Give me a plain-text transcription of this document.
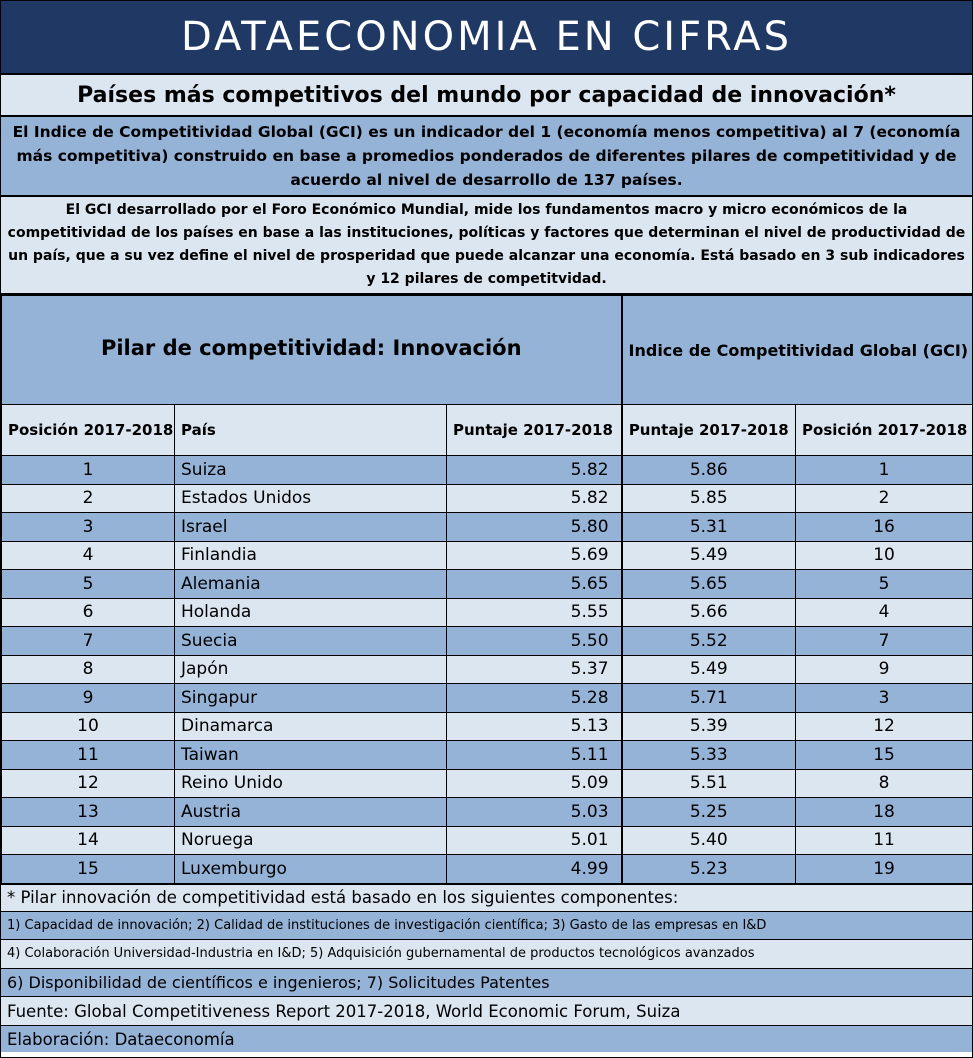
DATAECONOMIA EN CIFRAS
Países más competitivos del mundo por capacidad de innovación*
El Indice de Competitividad Global (GCI) es un indicador del 1 (economía menos competitiva) al 7 (economía más competitiva) construido en base a promedios ponderados de diferentes pilares de competitividad y de acuerdo al nivel de desarrollo de 137 países.
El GCI desarrollado por el Foro Económico Mundial, mide los fundamentos macro y micro económicos de la competitividad de los países en base a las instituciones, políticas y factores que determinan el nivel de productividad de un país, que a su vez define el nivel de prosperidad que puede alcanzar una economía. Está basado en 3 sub indicadores y 12 pilares de competitvidad.
Pilar de competitividad: Innovación			Indice de Competitividad Global (GCI)	
Posición 2017-2018	País	Puntaje 2017-2018	Puntaje 2017-2018	Posición 2017-2018
1	Suiza	5.82	5.86	1
2	Estados Unidos	5.82	5.85	2
3	Israel	5.80	5.31	16
4	Finlandia	5.69	5.49	10
5	Alemania	5.65	5.65	5
6	Holanda	5.55	5.66	4
7	Suecia	5.50	5.52	7
8	Japón	5.37	5.49	9
9	Singapur	5.28	5.71	3
10	Dinamarca	5.13	5.39	12
11	Taiwan	5.11	5.33	15
12	Reino Unido	5.09	5.51	8
13	Austria	5.03	5.25	18
14	Noruega	5.01	5.40	11
15	Luxemburgo	4.99	5.23	19
* Pilar innovación de competitividad está basado en los siguientes componentes:
1) Capacidad de innovación; 2) Calidad de instituciones de investigación científica; 3) Gasto de las empresas en I&D
4) Colaboración Universidad-Industria en I&D; 5) Adquisición gubernamental de productos tecnológicos avanzados
6) Disponibilidad de científicos e ingenieros; 7) Solicitudes Patentes
Fuente: Global Competitiveness Report 2017-2018, World Economic Forum, Suiza
Elaboración: Dataeconomía
